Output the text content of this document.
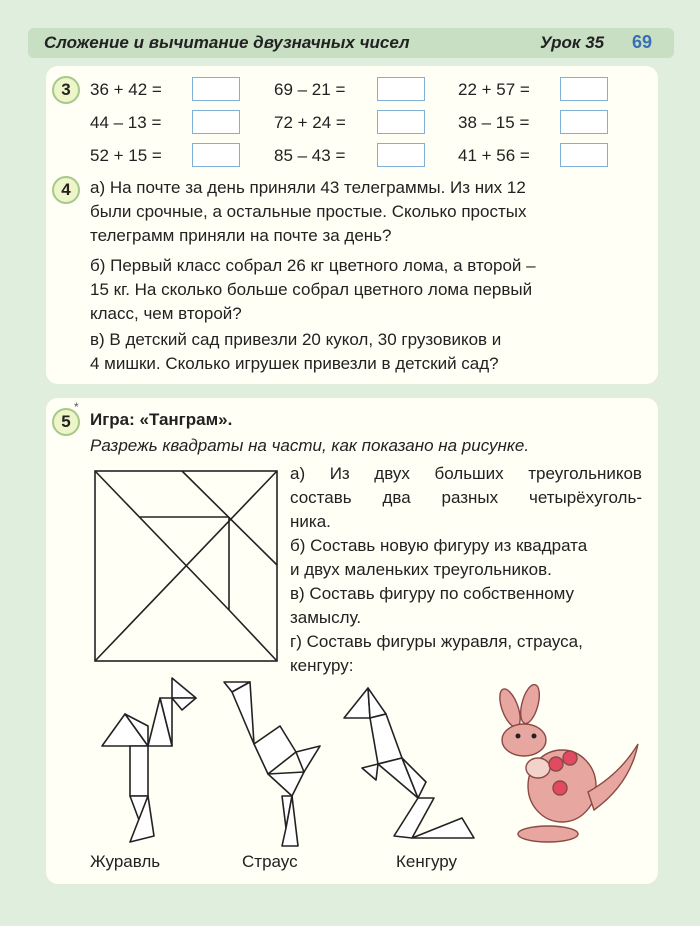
Сложение и вычитание двузначных чисел	Урок 35 69
3	36 + 42 =	69 – 21 =	22 + 57 =
44 – 13 =	72 + 24 =	38 – 15 =
52 + 15 =	85 – 43 =	41 + 56 =
4	а) На почте за день приняли 43 телеграммы. Из них 12
были срочные, а остальные простые. Сколько простых
телеграмм приняли на почте за день?
б) Первый класс собрал 26 кг цветного лома, а второй –
15 кг. На сколько больше собрал цветного лома первый
класс, чем второй?
в) В детский сад привезли 20 кукол, 30 грузовиков и
4 мишки. Сколько игрушек привезли в детский сад?
5
*
Игра: «Танграм».
Разрежь квадраты на части, как показано на рисунке.
а) Из двух больших треугольников
составь два разных четырёхуголь-
ника.
б) Составь новую фигуру из квадрата
и двух маленьких треугольников.
в) Составь фигуру по собственному
замыслу.
г) Составь фигуры журавля, страуса,
кенгуру:
Журавль	Страус	Кенгуру
